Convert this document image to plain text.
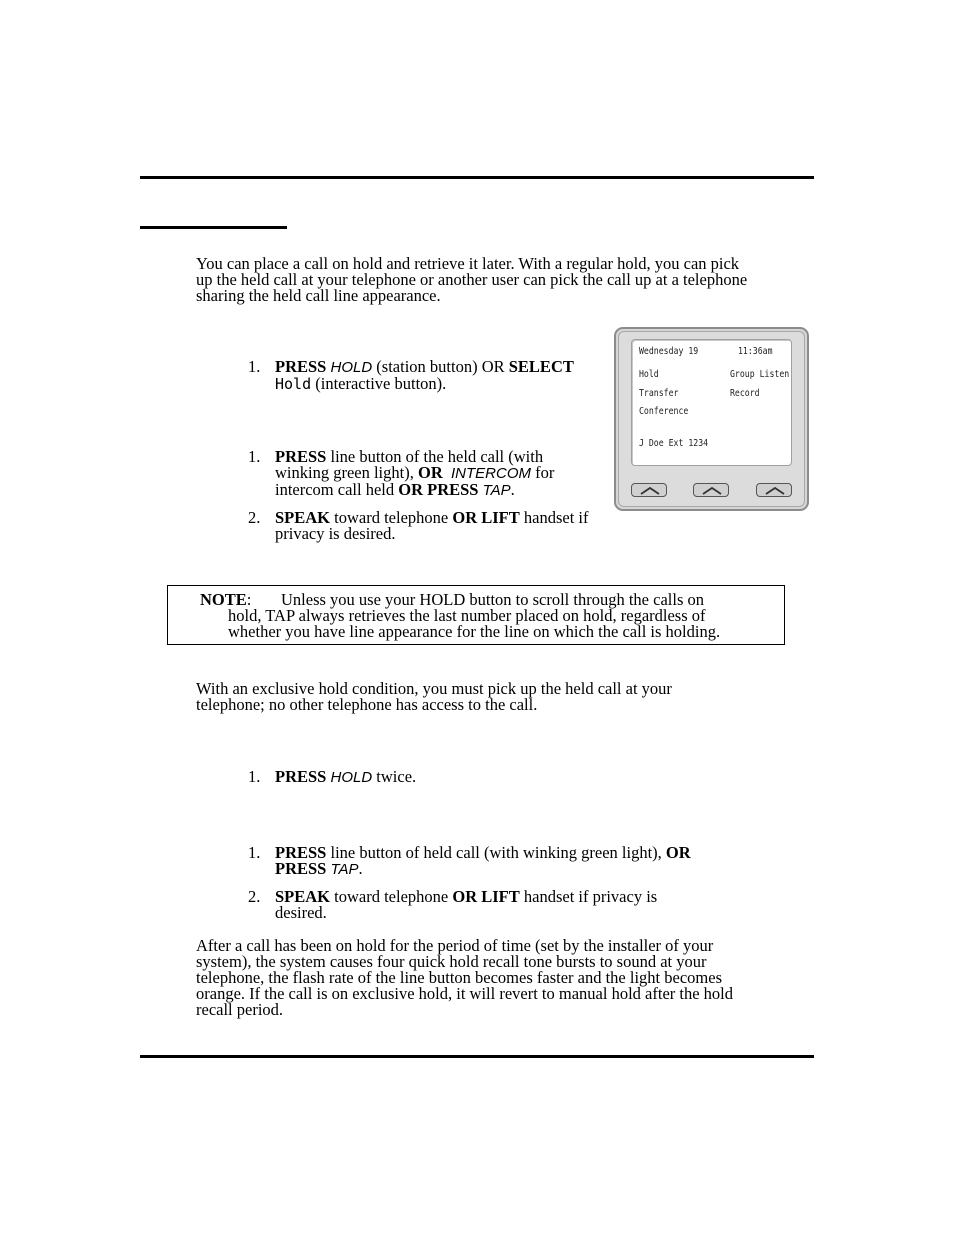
You can place a call on hold and retrieve it later. With a regular hold, you can pick up the held call at your telephone or another user can pick the call up at a telephone sharing the held call line appearance.

1. PRESS HOLD (station button) OR SELECT
Hold (interactive button).
1. PRESS line button of the held call (with winking green light), OR INTERCOM for intercom call held OR PRESS TAP.
2. SPEAK toward telephone OR LIFT handset if privacy is desired.
Wednesday 19	11:36am
Hold
Transfer
Conference
Group Listen
Record
J Doe Ext 1234
NOTE: Unless you use your HOLD button to scroll through the calls on
hold, TAP always retrieves the last number placed on hold, regardless of
whether you have line appearance for the line on which the call is holding.

With an exclusive hold condition, you must pick up the held call at your telephone; no other telephone has access to the call.

1. PRESS HOLD twice.
1. PRESS line button of held call (with winking green light), OR
PRESS TAP.
2. SPEAK toward telephone OR LIFT handset if privacy is desired.

After a call has been on hold for the period of time (set by the installer of your system), the system causes four quick hold recall tone bursts to sound at your telephone, the flash rate of the line button becomes faster and the light becomes orange. If the call is on exclusive hold, it will revert to manual hold after the hold recall period.
